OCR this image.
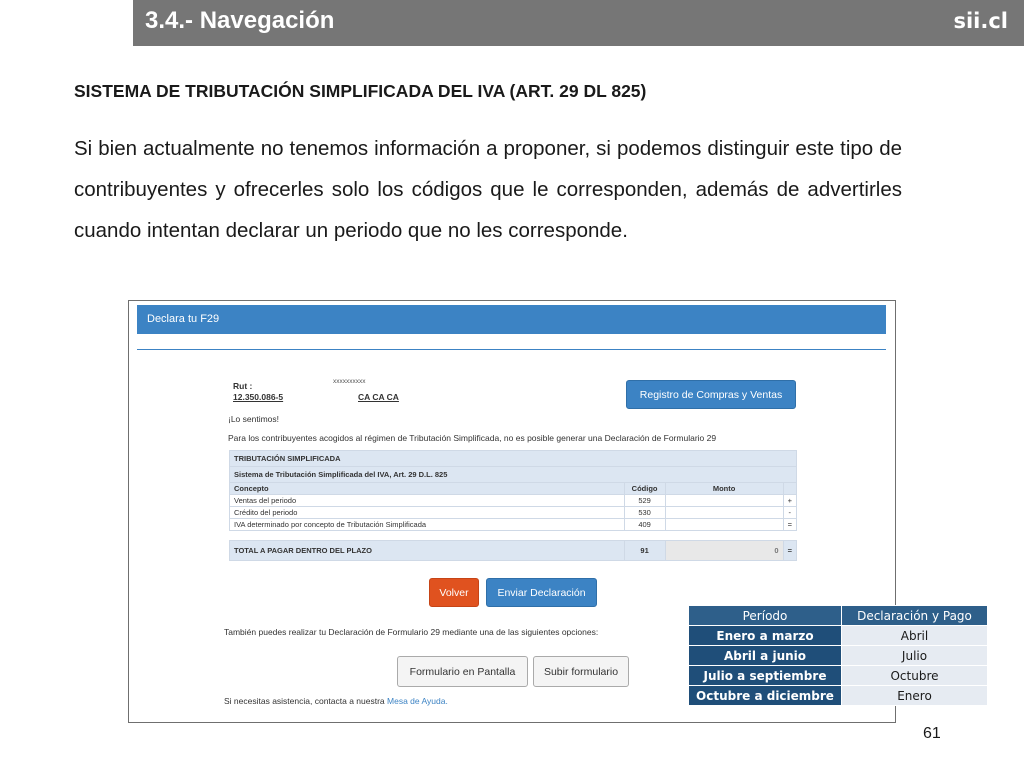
3.4.- Navegación	sii.cl
SISTEMA DE TRIBUTACIÓN SIMPLIFICADA DEL IVA (ART. 29 DL 825)
Si bien actualmente no tenemos información a proponer, si podemos distinguir este tipo de contribuyentes y ofrecerles solo los códigos que le corresponden, además de advertirles cuando intentan declarar un periodo que no les corresponde.
Declara tu F29
Rut :
12.350.086-5
xxxxxxxxxx
CA CA CA	Registro de Compras y Ventas
¡Lo sentimos!
Para los contribuyentes acogidos al régimen de Tributación Simplificada, no es posible generar una Declaración de Formulario 29
TRIBUTACIÓN SIMPLIFICADA			
Sistema de Tributación Simplificada del IVA, Art. 29 D.L. 825			
Concepto	Código	Monto	
Ventas del periodo	529		+
Crédito del periodo	530		-
IVA determinado por concepto de Tributación Simplificada	409		=

TOTAL A PAGAR DENTRO DEL PLAZO	91	0	=
Volver	Enviar Declaración
También puedes realizar tu Declaración de Formulario 29 mediante una de las siguientes opciones:
Formulario en Pantalla	Subir formulario
Si necesitas asistencia, contacta a nuestra Mesa de Ayuda.
Período	Declaración y Pago
Enero a marzo	Abril
Abril a junio	Julio
Julio a septiembre	Octubre
Octubre a diciembre	Enero
61
